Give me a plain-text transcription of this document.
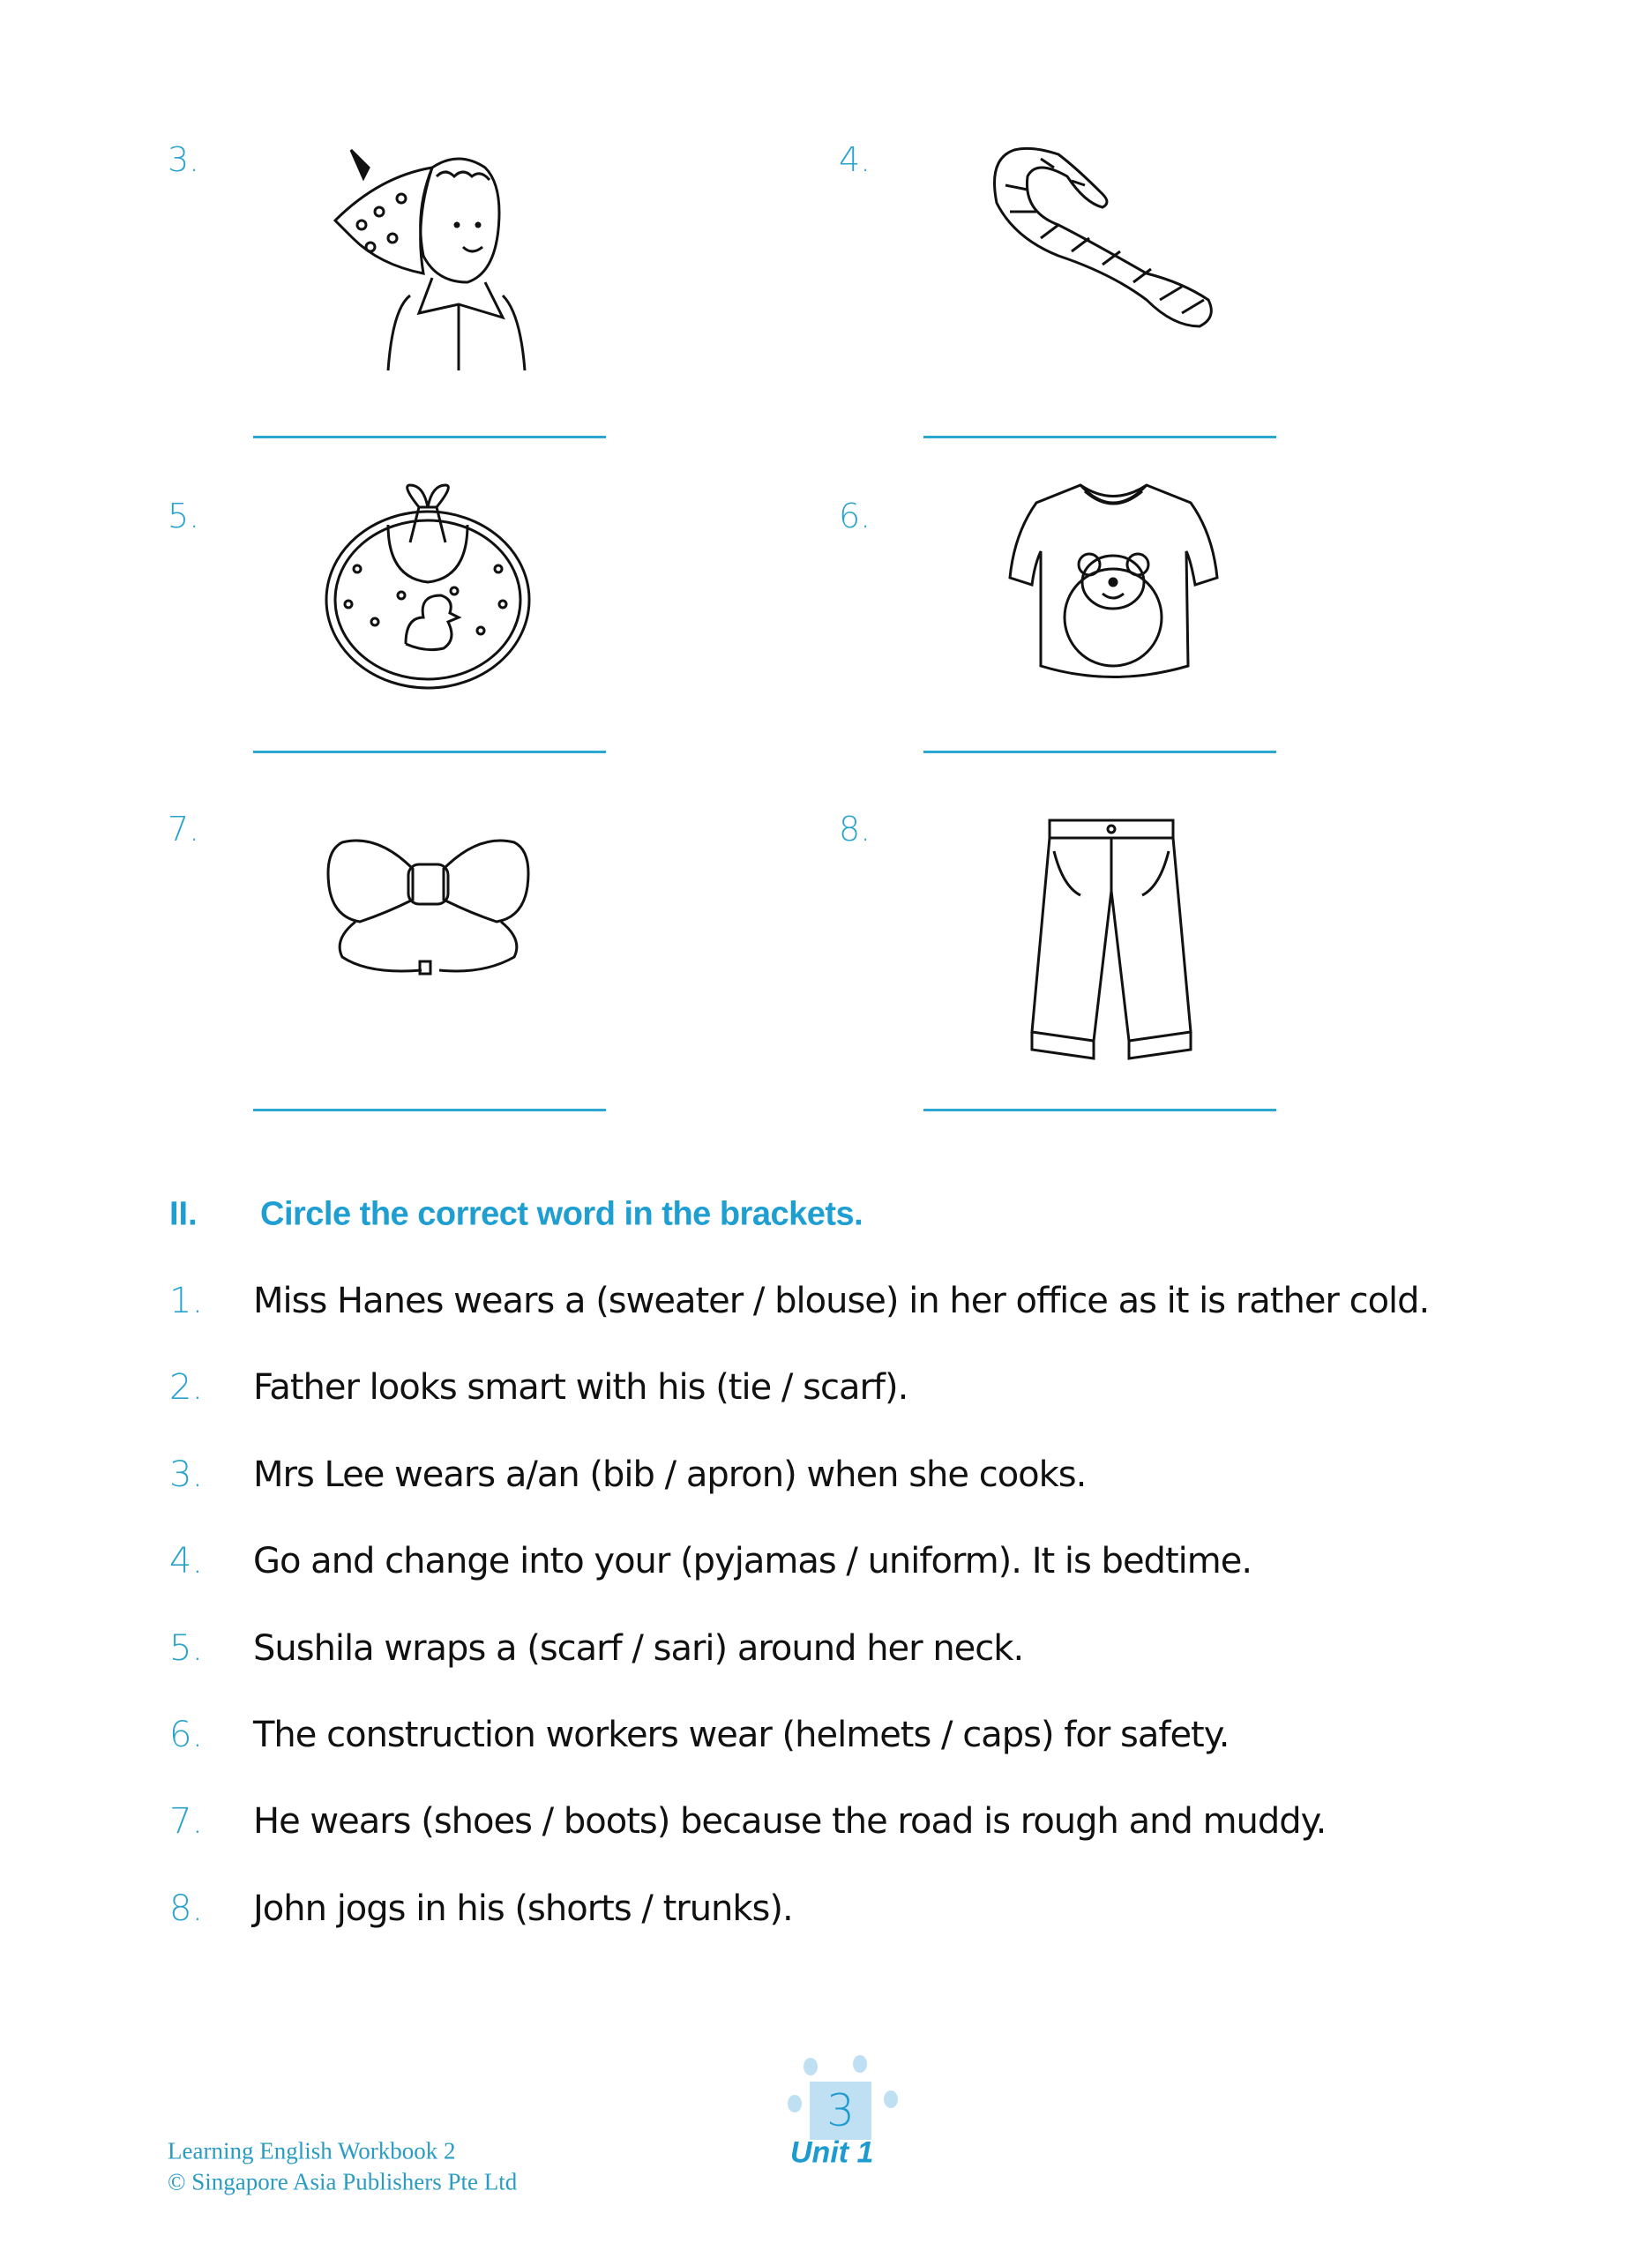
3.	4.
5.	6.
7.	8.
II. Circle the correct word in the brackets.
1. Miss Hanes wears a (sweater / blouse) in her office as it is rather cold.
2. Father looks smart with his (tie / scarf).
3. Mrs Lee wears a/an (bib / apron) when she cooks.
4. Go and change into your (pyjamas / uniform). It is bedtime.
5. Sushila wraps a (scarf / sari) around her neck.
6. The construction workers wear (helmets / caps) for safety.
7. He wears (shoes / boots) because the road is rough and muddy.
8. John jogs in his (shorts / trunks).
Learning English Workbook 2
© Singapore Asia Publishers Pte Ltd
3
Unit 1
